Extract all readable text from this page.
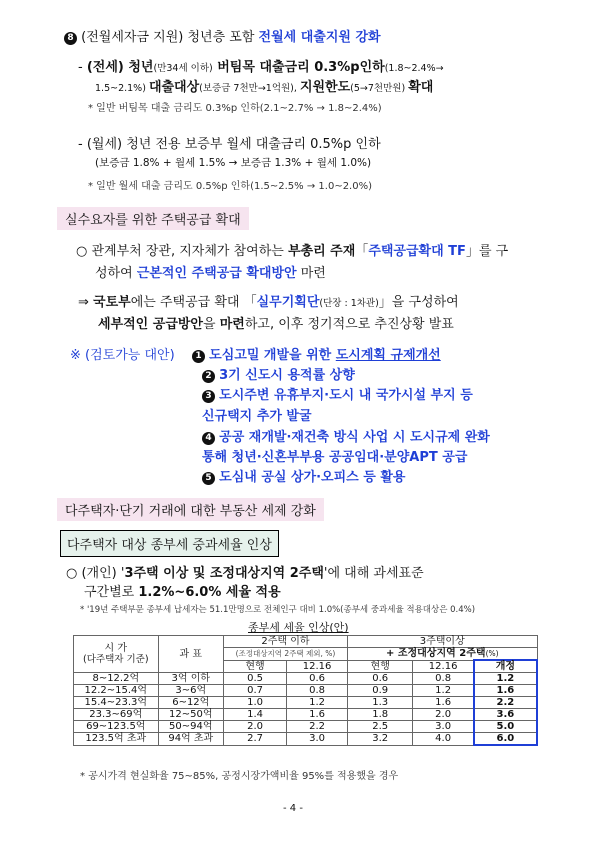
8 (전월세자금 지원) 청년층 포함 전월세 대출지원 강화
- (전세) 청년(만34세 이하) 버팀목 대출금리 0.3%p인하(1.8~2.4%→
1.5~2.1%) 대출대상(보증금 7천만→1억원), 지원한도(5→7천만원) 확대
* 일반 버팀목 대출 금리도 0.3%p 인하(2.1~2.7% → 1.8~2.4%)
- (월세) 청년 전용 보증부 월세 대출금리 0.5%p 인하
(보증금 1.8% + 월세 1.5% → 보증금 1.3% + 월세 1.0%)
* 일반 월세 대출 금리도 0.5%p 인하(1.5~2.5% → 1.0~2.0%)
실수요자를 위한 주택공급 확대
○ 관계부처 장관, 지자체가 참여하는 부총리 주재「주택공급확대 TF」를 구
성하여 근본적인 주택공급 확대방안 마련
⇒ 국토부에는 주택공급 확대 「실무기획단(단장 : 1차관)」을 구성하여
세부적인 공급방안을 마련하고, 이후 정기적으로 추진상황 발표
※ (검토가능 대안)	1 도심고밀 개발을 위한 도시계획 규제개선
2 3기 신도시 용적률 상향
3 도시주변 유휴부지·도시 내 국가시설 부지 등
신규택지 추가 발굴
4 공공 재개발·재건축 방식 사업 시 도시규제 완화
통해 청년·신혼부부용 공공임대·분양APT 공급
5 도심내 공실 상가·오피스 등 활용
다주택자·단기 거래에 대한 부동산 세제 강화
다주택자 대상 종부세 중과세율 인상
○ (개인) '3주택 이상 및 조정대상지역 2주택'에 대해 과세표준
구간별로 1.2%~6.0% 세율 적용
* '19년 주택부문 종부세 납세자는 51.1만명으로 전체인구 대비 1.0%(종부세 중과세율 적용대상은 0.4%)
종부세 세율 인상(안)
시 가
(다주택자 기준)	과 표	2주택 이하		3주택이상		
		(조정대상지역 2주택 제외, %)		+ 조정대상지역 2주택(%)		
		현행	12.16	현행	12.16	개정
8~12.2억	3억 이하	0.5	0.6	0.6	0.8	1.2
12.2~15.4억	3~6억	0.7	0.8	0.9	1.2	1.6
15.4~23.3억	6~12억	1.0	1.2	1.3	1.6	2.2
23.3~69억	12~50억	1.4	1.6	1.8	2.0	3.6
69~123.5억	50~94억	2.0	2.2	2.5	3.0	5.0
123.5억 초과	94억 초과	2.7	3.0	3.2	4.0	6.0
* 공시가격 현실화율 75~85%, 공정시장가액비율 95%를 적용했을 경우
- 4 -
